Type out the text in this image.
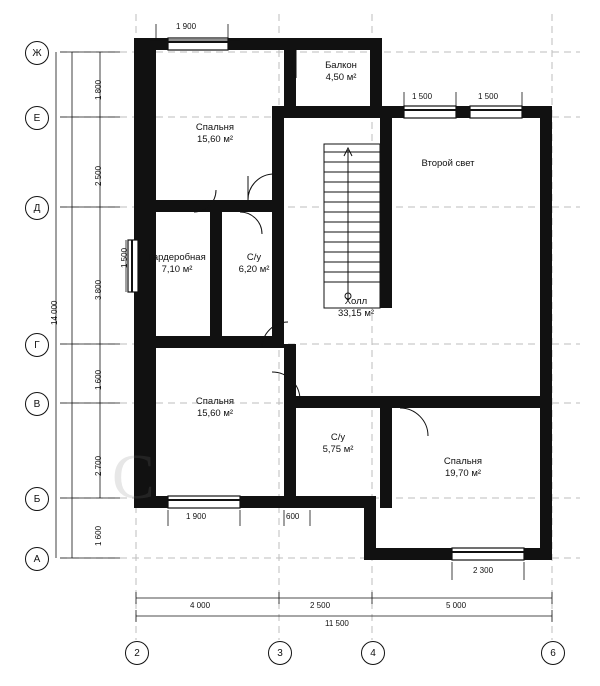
Спальня
15,60 м²
Балкон
4,50 м²
Второй свет
Гардеробная
7,10 м²
С/у
6,20 м²
Холл
33,15 м²
Спальня
15,60 м²
С/у
5,75 м²
Спальня
19,70 м²
Ж
Е
Д
Г
В
Б
А
2	3	4	6
1 900
1 500	1 500
1 900	600
2 300
4 000	2 500	5 000
11 500
1 800
2 500
1 500
3 800
1 600
2 700
1 600
14 000
